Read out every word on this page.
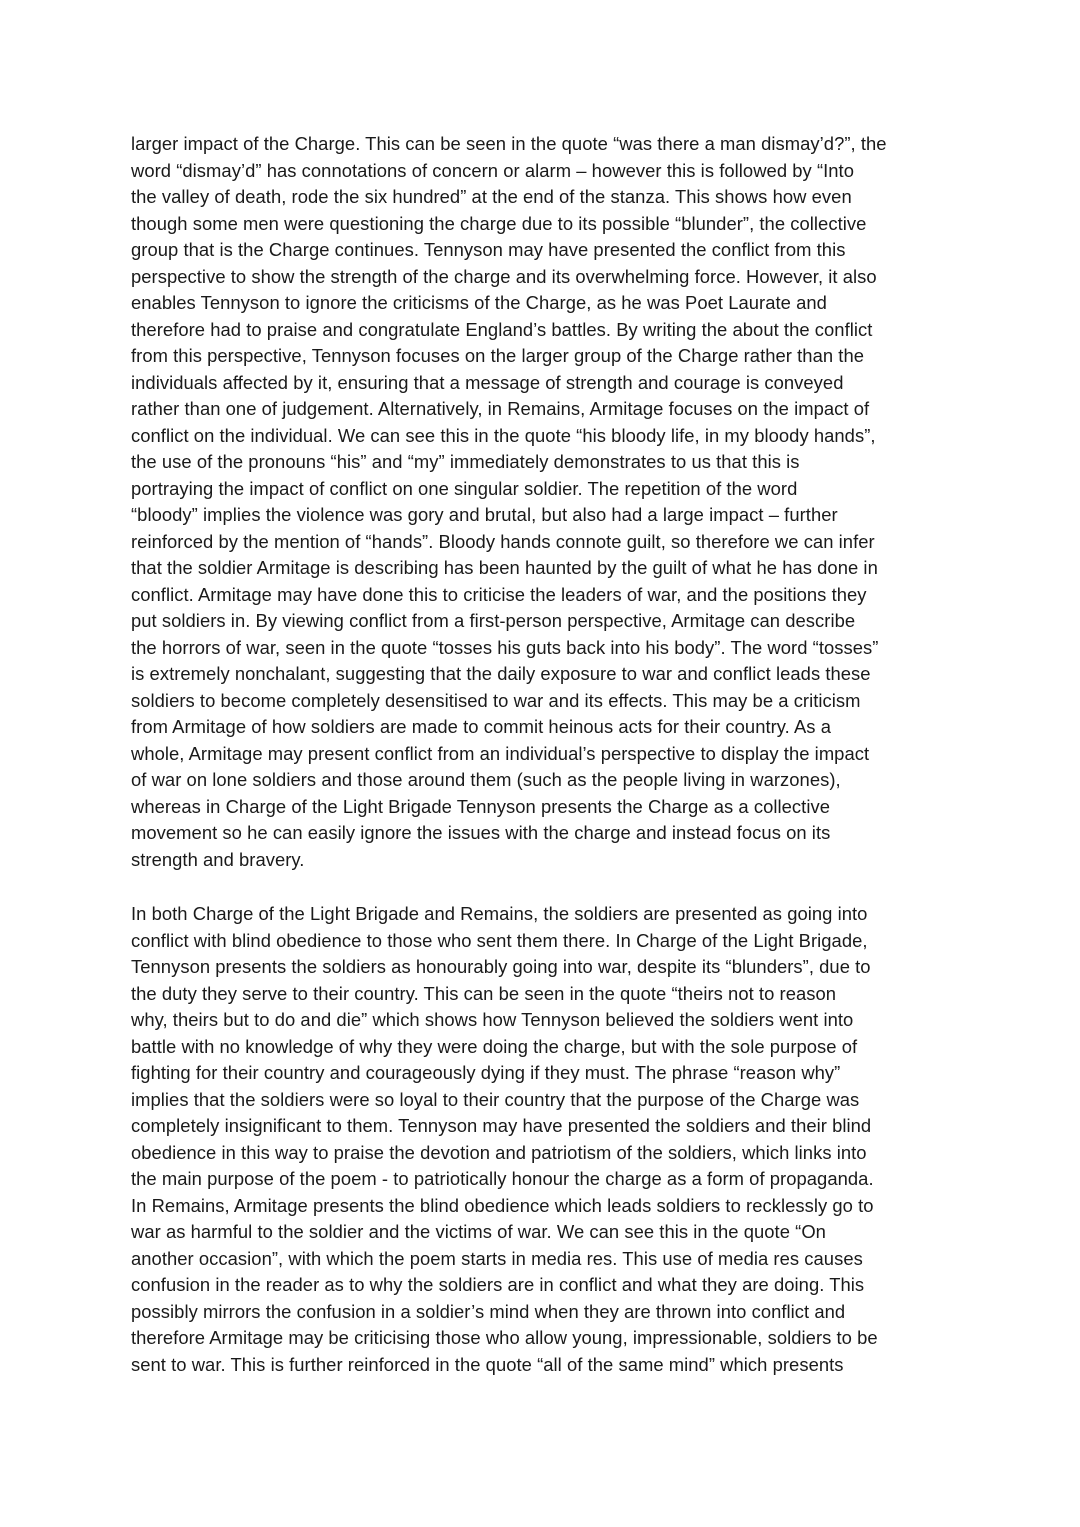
larger impact of the Charge. This can be seen in the quote “was there a man dismay’d?”, the
word “dismay’d” has connotations of concern or alarm – however this is followed by “Into
the valley of death, rode the six hundred” at the end of the stanza. This shows how even
though some men were questioning the charge due to its possible “blunder”, the collective
group that is the Charge continues. Tennyson may have presented the conflict from this
perspective to show the strength of the charge and its overwhelming force. However, it also
enables Tennyson to ignore the criticisms of the Charge, as he was Poet Laurate and
therefore had to praise and congratulate England’s battles. By writing the about the conflict
from this perspective, Tennyson focuses on the larger group of the Charge rather than the
individuals affected by it, ensuring that a message of strength and courage is conveyed
rather than one of judgement. Alternatively, in Remains, Armitage focuses on the impact of
conflict on the individual. We can see this in the quote “his bloody life, in my bloody hands”,
the use of the pronouns “his” and “my” immediately demonstrates to us that this is
portraying the impact of conflict on one singular soldier. The repetition of the word
“bloody” implies the violence was gory and brutal, but also had a large impact – further
reinforced by the mention of “hands”. Bloody hands connote guilt, so therefore we can infer
that the soldier Armitage is describing has been haunted by the guilt of what he has done in
conflict. Armitage may have done this to criticise the leaders of war, and the positions they
put soldiers in. By viewing conflict from a first-person perspective, Armitage can describe
the horrors of war, seen in the quote “tosses his guts back into his body”. The word “tosses”
is extremely nonchalant, suggesting that the daily exposure to war and conflict leads these
soldiers to become completely desensitised to war and its effects. This may be a criticism
from Armitage of how soldiers are made to commit heinous acts for their country. As a
whole, Armitage may present conflict from an individual’s perspective to display the impact
of war on lone soldiers and those around them (such as the people living in warzones),
whereas in Charge of the Light Brigade Tennyson presents the Charge as a collective
movement so he can easily ignore the issues with the charge and instead focus on its
strength and bravery.
In both Charge of the Light Brigade and Remains, the soldiers are presented as going into
conflict with blind obedience to those who sent them there. In Charge of the Light Brigade,
Tennyson presents the soldiers as honourably going into war, despite its “blunders”, due to
the duty they serve to their country. This can be seen in the quote “theirs not to reason
why, theirs but to do and die” which shows how Tennyson believed the soldiers went into
battle with no knowledge of why they were doing the charge, but with the sole purpose of
fighting for their country and courageously dying if they must. The phrase “reason why”
implies that the soldiers were so loyal to their country that the purpose of the Charge was
completely insignificant to them. Tennyson may have presented the soldiers and their blind
obedience in this way to praise the devotion and patriotism of the soldiers, which links into
the main purpose of the poem - to patriotically honour the charge as a form of propaganda.
In Remains, Armitage presents the blind obedience which leads soldiers to recklessly go to
war as harmful to the soldier and the victims of war. We can see this in the quote “On
another occasion”, with which the poem starts in media res. This use of media res causes
confusion in the reader as to why the soldiers are in conflict and what they are doing. This
possibly mirrors the confusion in a soldier’s mind when they are thrown into conflict and
therefore Armitage may be criticising those who allow young, impressionable, soldiers to be
sent to war. This is further reinforced in the quote “all of the same mind” which presents
